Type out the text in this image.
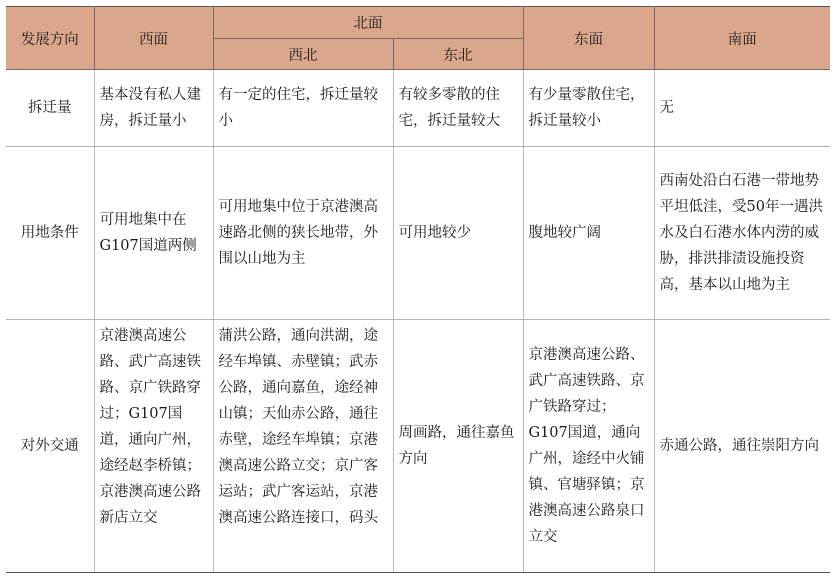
发展方向	西面	北面		东面	南面
		西北	东北		
拆迁量	基本没有私人建房，拆迁量小	有一定的住宅，拆迁量较小	有较多零散的住宅，拆迁量较大	有少量零散住宅，拆迁量较小	无
用地条件	可用地集中在G107国道两侧	可用地集中位于京港澳高速路北侧的狭长地带，外围以山地为主	可用地较少	腹地较广阔	西南处沿白石港一带地势平坦低洼，受50年一遇洪水及白石港水体内涝的威胁，排洪排渍设施投资高，基本以山地为主
对外交通	京港澳高速公路、武广高速铁路、京广铁路穿过；G107国道，通向广州，途经赵李桥镇；京港澳高速公路新店立交	蒲洪公路，通向洪湖，途经车埠镇、赤壁镇；武赤公路，通向嘉鱼，途经神山镇；天仙赤公路，通往赤壁，途经车埠镇；京港澳高速公路立交；京广客运站；武广客运站，京港澳高速公路连接口，码头	周画路，通往嘉鱼方向	京港澳高速公路、武广高速铁路、京广铁路穿过；G107国道，通向广州，途经中火铺镇、官塘驿镇；京港澳高速公路泉口立交	赤通公路，通往崇阳方向
